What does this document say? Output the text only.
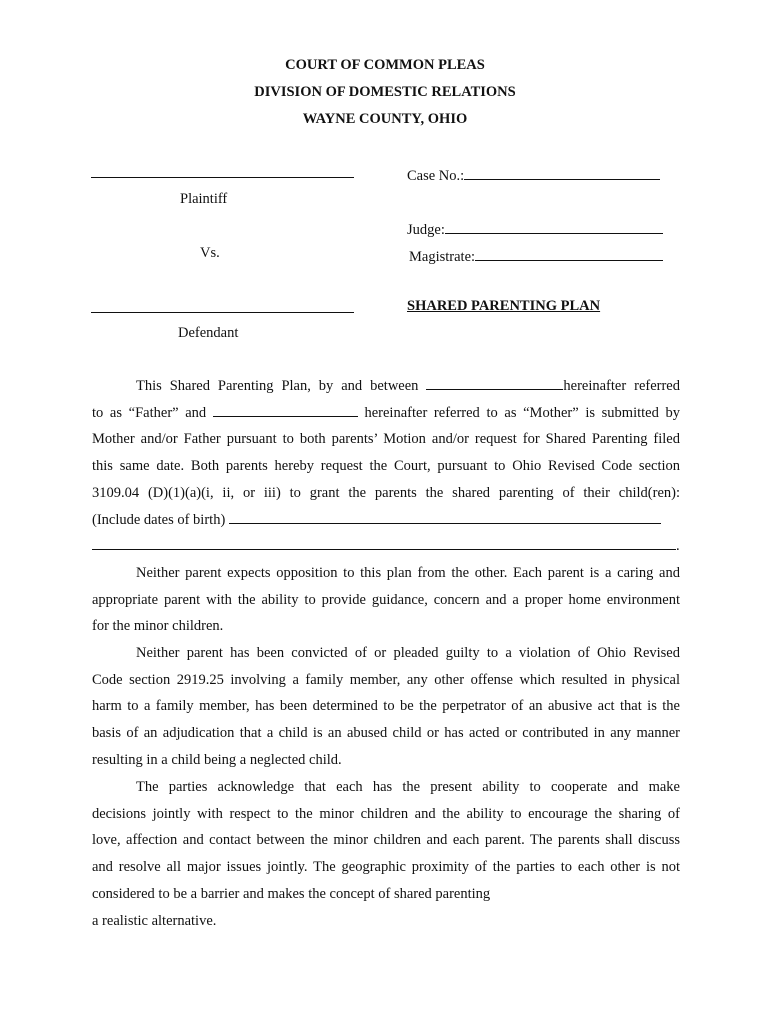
COURT OF COMMON PLEAS
DIVISION OF DOMESTIC RELATIONS
WAYNE COUNTY, OHIO
Plaintiff
Vs.
Defendant
Case No.:
Judge:
Magistrate:
SHARED PARENTING PLAN

This Shared Parenting Plan, by and between	hereinafter referred

to as “Father” and	hereinafter referred to as “Mother” is submitted by

Mother and/or Father pursuant to both parents’ Motion and/or request for Shared Parenting filed

this same date. Both parents hereby request the Court, pursuant to Ohio Revised Code section

3109.04 (D)(1)(a)(i, ii, or iii) to grant the parents the shared parenting of their child(ren):

(Include dates of birth)

.

Neither parent expects opposition to this plan from the other. Each parent is a caring and

appropriate parent with the ability to provide guidance, concern and a proper home environment

for the minor children.

Neither parent has been convicted of or pleaded guilty to a violation of Ohio Revised

Code section 2919.25 involving a family member, any other offense which resulted in physical

harm to a family member, has been determined to be the perpetrator of an abusive act that is the

basis of an adjudication that a child is an abused child or has acted or contributed in any manner

resulting in a child being a neglected child.

The parties acknowledge that each has the present ability to cooperate and make

decisions jointly with respect to the minor children and the ability to encourage the sharing of

love, affection and contact between the minor children and each parent. The parents shall discuss

and resolve all major issues jointly. The geographic proximity of the parties to each other is not

considered to be a barrier and makes the concept of shared parenting

a realistic alternative.
